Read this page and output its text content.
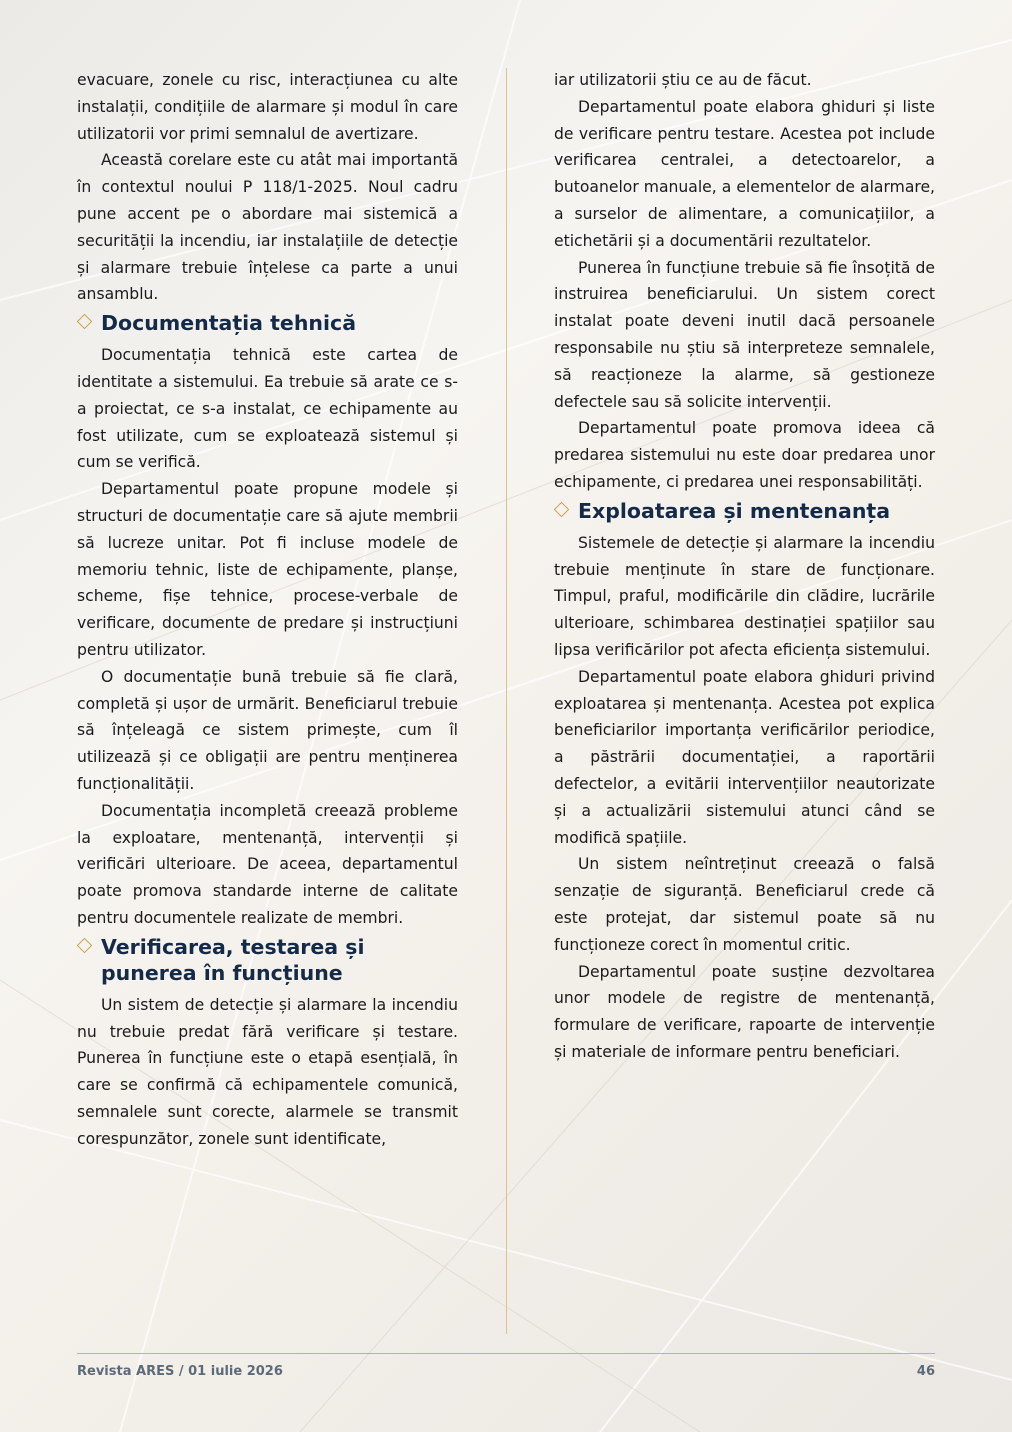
evacuare, zonele cu risc, interacțiunea cu alte instalații, condițiile de alarmare și modul în care utilizatorii vor primi semnalul de avertizare.

Această corelare este cu atât mai importantă în contextul noului P 118/1-2025. Noul cadru pune accent pe o abordare mai sistemică a securității la incendiu, iar instalațiile de detecție și alarmare trebuie înțelese ca parte a unui ansamblu.

Documentația tehnică

Documentația tehnică este cartea de identitate a sistemului. Ea trebuie să arate ce s-a proiectat, ce s-a instalat, ce echipamente au fost utilizate, cum se exploatează sistemul și cum se verifică.

Departamentul poate propune modele și structuri de documentație care să ajute membrii să lucreze unitar. Pot fi incluse modele de memoriu tehnic, liste de echipamente, planșe, scheme, fișe tehnice, procese-verbale de verificare, documente de predare și instrucțiuni pentru utilizator.

O documentație bună trebuie să fie clară, completă și ușor de urmărit. Beneficiarul trebuie să înțeleagă ce sistem primește, cum îl utilizează și ce obligații are pentru menținerea funcționalității.

Documentația incompletă creează probleme la exploatare, mentenanță, intervenții și verificări ulterioare. De aceea, departamentul poate promova standarde interne de calitate pentru documentele realizate de membri.

Verificarea, testarea și punerea în funcțiune

Un sistem de detecție și alarmare la incendiu nu trebuie predat fără verificare și testare. Punerea în funcțiune este o etapă esențială, în care se confirmă că echipamentele comunică, semnalele sunt corecte, alarmele se transmit corespunzător, zonele sunt identificate,

iar utilizatorii știu ce au de făcut.

Departamentul poate elabora ghiduri și liste de verificare pentru testare. Acestea pot include verificarea centralei, a detectoarelor, a butoanelor manuale, a elementelor de alarmare, a surselor de alimentare, a comunicațiilor, a etichetării și a documentării rezultatelor.

Punerea în funcțiune trebuie să fie însoțită de instruirea beneficiarului. Un sistem corect instalat poate deveni inutil dacă persoanele responsabile nu știu să interpreteze semnalele, să reacționeze la alarme, să gestioneze defectele sau să solicite intervenții.

Departamentul poate promova ideea că predarea sistemului nu este doar predarea unor echipamente, ci predarea unei responsabilități.

Exploatarea și mentenanța

Sistemele de detecție și alarmare la incendiu trebuie menținute în stare de funcționare. Timpul, praful, modificările din clădire, lucrările ulterioare, schimbarea destinației spațiilor sau lipsa verificărilor pot afecta eficiența sistemului.

Departamentul poate elabora ghiduri privind exploatarea și mentenanța. Acestea pot explica beneficiarilor importanța verificărilor periodice, a păstrării documentației, a raportării defectelor, a evitării intervențiilor neautorizate și a actualizării sistemului atunci când se modifică spațiile.

Un sistem neîntreținut creează o falsă senzație de siguranță. Beneficiarul crede că este protejat, dar sistemul poate să nu funcționeze corect în momentul critic.

Departamentul poate susține dezvoltarea unor modele de registre de mentenanță, formulare de verificare, rapoarte de intervenție și materiale de informare pentru beneficiari.

Revista ARES / 01 iulie 2026	46
